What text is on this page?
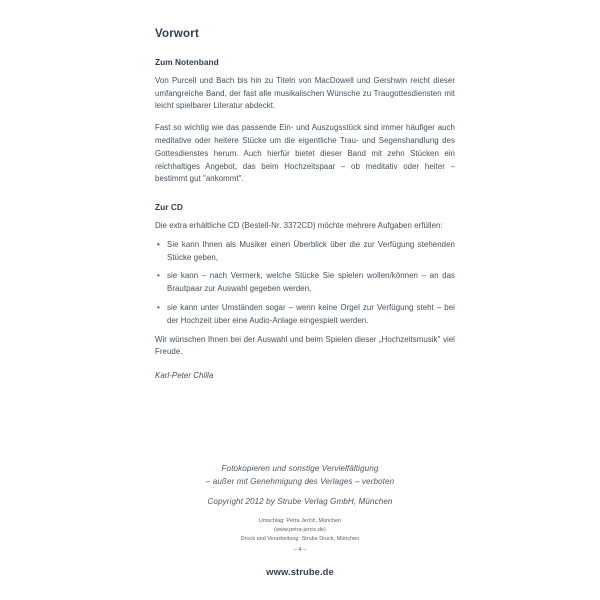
Vorwort
Zum Notenband

Von Purcell und Bach bis hin zu Titeln von MacDowell und Gershwin reicht dieser umfangreiche Band, der fast alle musikalischen Wünsche zu Traugottesdiensten mit leicht spielbarer Literatur abdeckt.

Fast so wichtig wie das passende Ein- und Auszugsstück sind immer häufiger auch meditative oder heitere Stücke um die eigentliche Trau- und Segenshandlung des Gottesdienstes herum. Auch hierfür bietet dieser Band mit zehn Stücken ein reichhaltiges Angebot, das beim Hochzeitspaar – ob meditativ oder heiter – bestimmt gut "ankommt".

Zur CD

Die extra erhältliche CD (Bestell-Nr. 3372CD) möchte mehrere Aufgaben erfüllen:

• Sie kann Ihnen als Musiker einen Überblick über die zur Verfügung stehenden Stücke geben,
• sie kann – nach Vermerk, welche Stücke Sie spielen wollen/können – an das Brautpaar zur Auswahl gegeben werden,
• sie kann unter Umständen sogar – wenn keine Orgel zur Verfügung steht – bei der Hochzeit über eine Audio-Anlage eingespielt werden.

Wir wünschen Ihnen bei der Auswahl und beim Spielen dieser „Hochzeitsmusik" viel Freude.

Karl-Peter Chilla

Fotokopieren und sonstige Vervielfältigung

– außer mit Genehmigung des Verlages – verboten

Copyright 2012 by Strube Verlag GmbH, München

Umschlag: Petra Jerčič, München
(www.petra-jercic.de)
Druck und Verarbeitung: Strube Druck, München
– 4 –
www.strube.de
